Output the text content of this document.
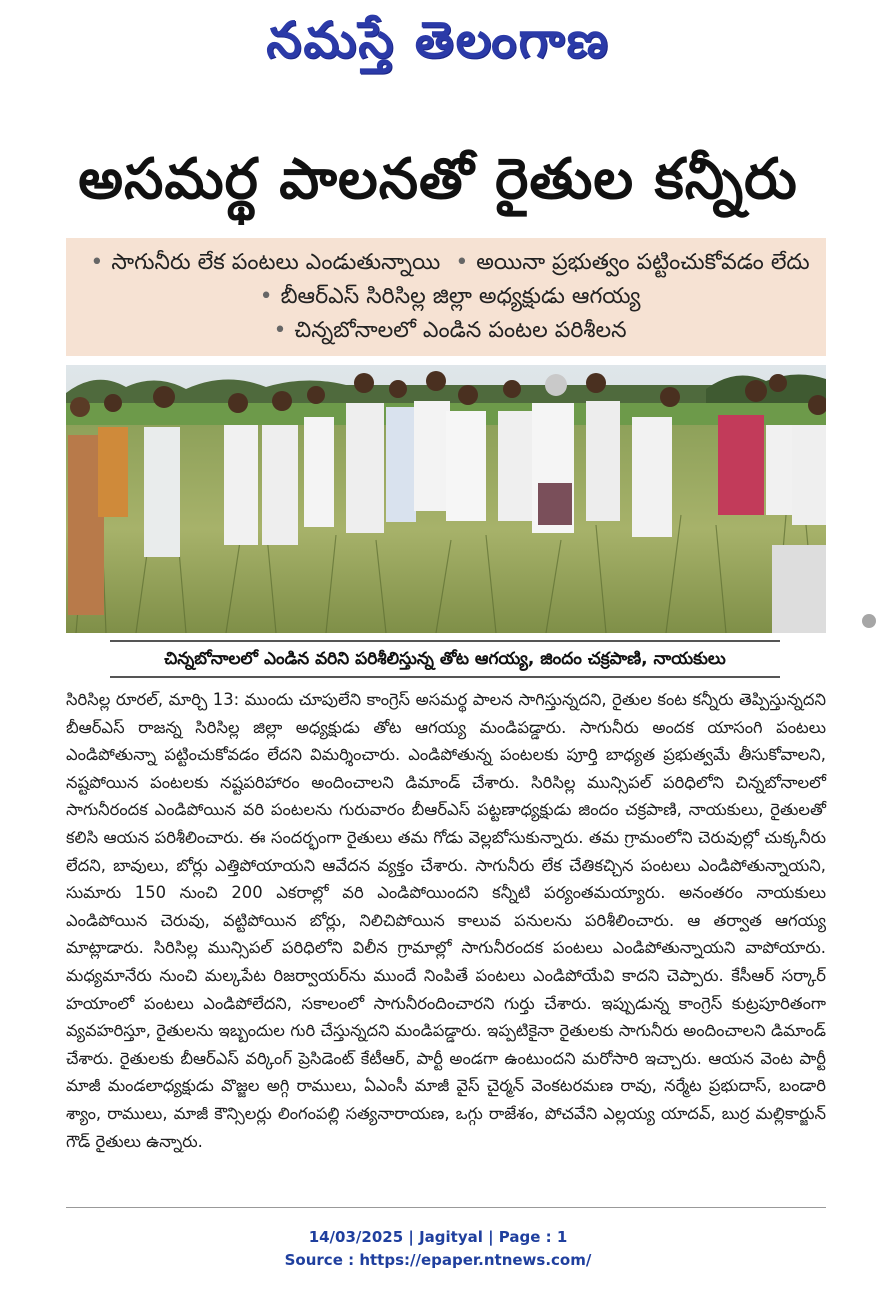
నమస్తే తెలంగాణ
అసమర్థ పాలనతో రైతుల కన్నీరు
• సాగునీరు లేక పంటలు ఎండుతున్నాయి • అయినా ప్రభుత్వం పట్టించుకోవడం లేదు • బీఆర్ఎస్ సిరిసిల్ల జిల్లా అధ్యక్షుడు ఆగయ్య
• చిన్నబోనాలలో ఎండిన పంటల పరిశీలన
చిన్నబోనాలలో ఎండిన వరిని పరిశీలిస్తున్న తోట ఆగయ్య, జిందం చక్రపాణి, నాయకులు

సిరిసిల్ల రూరల్, మార్చి 13: ముందు చూపులేని కాంగ్రెస్ అసమర్థ పాలన సాగిస్తున్నదని, రైతుల కంట కన్నీరు తెప్పిస్తున్నదని బీఆర్ఎస్ రాజన్న సిరిసిల్ల జిల్లా అధ్యక్షుడు తోట ఆగయ్య మండిపడ్డారు. సాగునీరు అందక యాసంగి పంటలు ఎండిపోతున్నా పట్టించుకోవడం లేదని విమర్శించారు. ఎండిపోతున్న పంటలకు పూర్తి బాధ్యత ప్రభుత్వమే తీసుకోవాలని, నష్టపోయిన పంటలకు నష్టపరిహారం అందించాలని డిమాండ్ చేశారు. సిరిసిల్ల మున్సిపల్ పరిధిలోని చిన్నబోనాలలో సాగునీరందక ఎండిపోయిన వరి పంటలను గురువారం బీఆర్ఎస్ పట్టణాధ్యక్షుడు జిందం చక్రపాణి, నాయకులు, రైతులతో కలిసి ఆయన పరిశీలించారు. ఈ సందర్భంగా రైతులు తమ గోడు వెల్లబోసుకున్నారు. తమ గ్రామంలోని చెరువుల్లో చుక్కనీరు లేదని, బావులు, బోర్లు ఎత్తిపోయాయని ఆవేదన వ్యక్తం చేశారు. సాగునీరు లేక చేతికచ్చిన పంటలు ఎండిపోతున్నాయని, సుమారు 150 నుంచి 200 ఎకరాల్లో వరి ఎండిపోయిందని కన్నీటి పర్యంతమయ్యారు. అనంతరం నాయకులు ఎండిపోయిన చెరువు, వట్టిపోయిన బోర్లు, నిలిచిపోయిన కాలువ పనులను పరిశీలించారు. ఆ తర్వాత ఆగయ్య మాట్లాడారు. సిరిసిల్ల మున్సిపల్ పరిధిలోని విలీన గ్రామాల్లో సాగునీరందక పంటలు ఎండిపోతున్నాయని వాపోయారు. మధ్యమానేరు నుంచి మల్కపేట రిజర్వాయర్‌ను ముందే నింపితే పంటలు ఎండిపోయేవి కాదని చెప్పారు. కేసీఆర్ సర్కార్ హయాంలో పంటలు ఎండిపోలేదని, సకాలంలో సాగునీరందించారని గుర్తు చేశారు. ఇప్పుడున్న కాంగ్రెస్ కుట్రపూరితంగా వ్యవహరిస్తూ, రైతులను ఇబ్బందుల గురి చేస్తున్నదని మండిపడ్డారు. ఇప్పటికైనా రైతులకు సాగునీరు అందించాలని డిమాండ్ చేశారు. రైతులకు బీఆర్ఎస్ వర్కింగ్ ప్రెసిడెంట్ కేటీఆర్, పార్టీ అండగా ఉంటుందని మరోసారి ఇచ్చారు. ఆయన వెంట పార్టీ మాజీ మండలాధ్యక్షుడు వొజ్జల అగ్గి రాములు, ఏఎంసీ మాజీ వైస్ చైర్మన్ వెంకటరమణ రావు, నర్మేట ప్రభుదాస్, బండారి శ్యాం, రాములు, మాజీ కౌన్సిలర్లు లింగంపల్లి సత్యనారాయణ, ఒగ్గు రాజేశం, పోచవేని ఎల్లయ్య యాదవ్, బుర్ర మల్లికార్జున్ గౌడ్ రైతులు ఉన్నారు.

14/03/2025 | Jagityal | Page : 1
Source : https://epaper.ntnews.com/
